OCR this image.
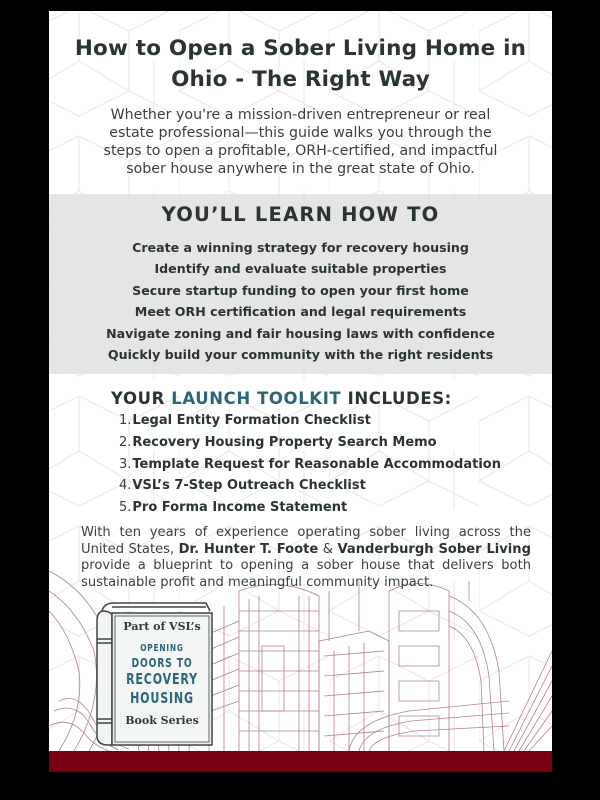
How to Open a Sober Living Home in
Ohio - The Right Way
Whether you're a mission-driven entrepreneur or real estate professional—this guide walks you through the steps to open a profitable, ORH-certified, and impactful sober house anywhere in the great state of Ohio.
YOU’LL LEARN HOW TO
Create a winning strategy for recovery housing
Identify and evaluate suitable properties
Secure startup funding to open your first home
Meet ORH certification and legal requirements
Navigate zoning and fair housing laws with confidence
Quickly build your community with the right residents
YOUR LAUNCH TOOLKIT INCLUDES:
1.Legal Entity Formation Checklist
2.Recovery Housing Property Search Memo
3.Template Request for Reasonable Accommodation
4.VSL’s 7-Step Outreach Checklist
5.Pro Forma Income Statement
With ten years of experience operating sober living across the United States, Dr. Hunter T. Foote & Vanderburgh Sober Living provide a blueprint to opening a sober house that delivers both sustainable profit and meaningful community impact.
Part of VSL’s
OPENING
DOORS TO
RECOVERY
HOUSING
Book Series
